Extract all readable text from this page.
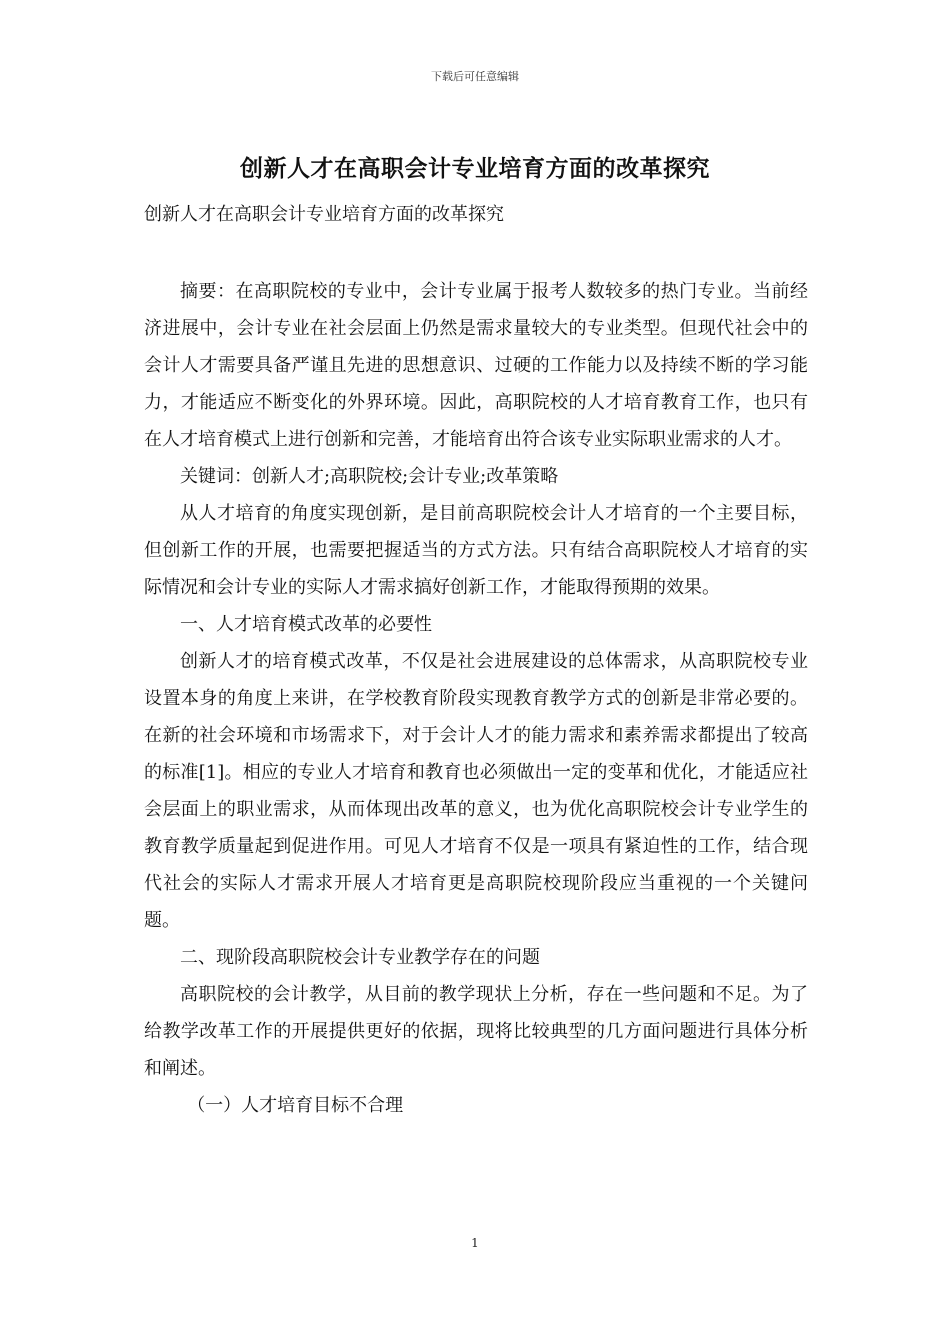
下载后可任意编辑
创新人才在高职会计专业培育方面的改革探究

创新人才在高职会计专业培育方面的改革探究

摘要：在高职院校的专业中，会计专业属于报考人数较多的热门专业。当前经济进展中，会计专业在社会层面上仍然是需求量较大的专业类型。但现代社会中的会计人才需要具备严谨且先进的思想意识、过硬的工作能力以及持续不断的学习能力，才能适应不断变化的外界环境。因此，高职院校的人才培育教育工作，也只有在人才培育模式上进行创新和完善，才能培育出符合该专业实际职业需求的人才。

关键词：创新人才;高职院校;会计专业;改革策略

从人才培育的角度实现创新，是目前高职院校会计人才培育的一个主要目标，但创新工作的开展，也需要把握适当的方式方法。只有结合高职院校人才培育的实际情况和会计专业的实际人才需求搞好创新工作，才能取得预期的效果。

一、人才培育模式改革的必要性

创新人才的培育模式改革，不仅是社会进展建设的总体需求，从高职院校专业设置本身的角度上来讲，在学校教育阶段实现教育教学方式的创新是非常必要的。在新的社会环境和市场需求下，对于会计人才的能力需求和素养需求都提出了较高的标准[1]。相应的专业人才培育和教育也必须做出一定的变革和优化，才能适应社会层面上的职业需求，从而体现出改革的意义，也为优化高职院校会计专业学生的教育教学质量起到促进作用。可见人才培育不仅是一项具有紧迫性的工作，结合现代社会的实际人才需求开展人才培育更是高职院校现阶段应当重视的一个关键问题。

二、现阶段高职院校会计专业教学存在的问题

高职院校的会计教学，从目前的教学现状上分析，存在一些问题和不足。为了给教学改革工作的开展提供更好的依据，现将比较典型的几方面问题进行具体分析和阐述。

（一）人才培育目标不合理

1
